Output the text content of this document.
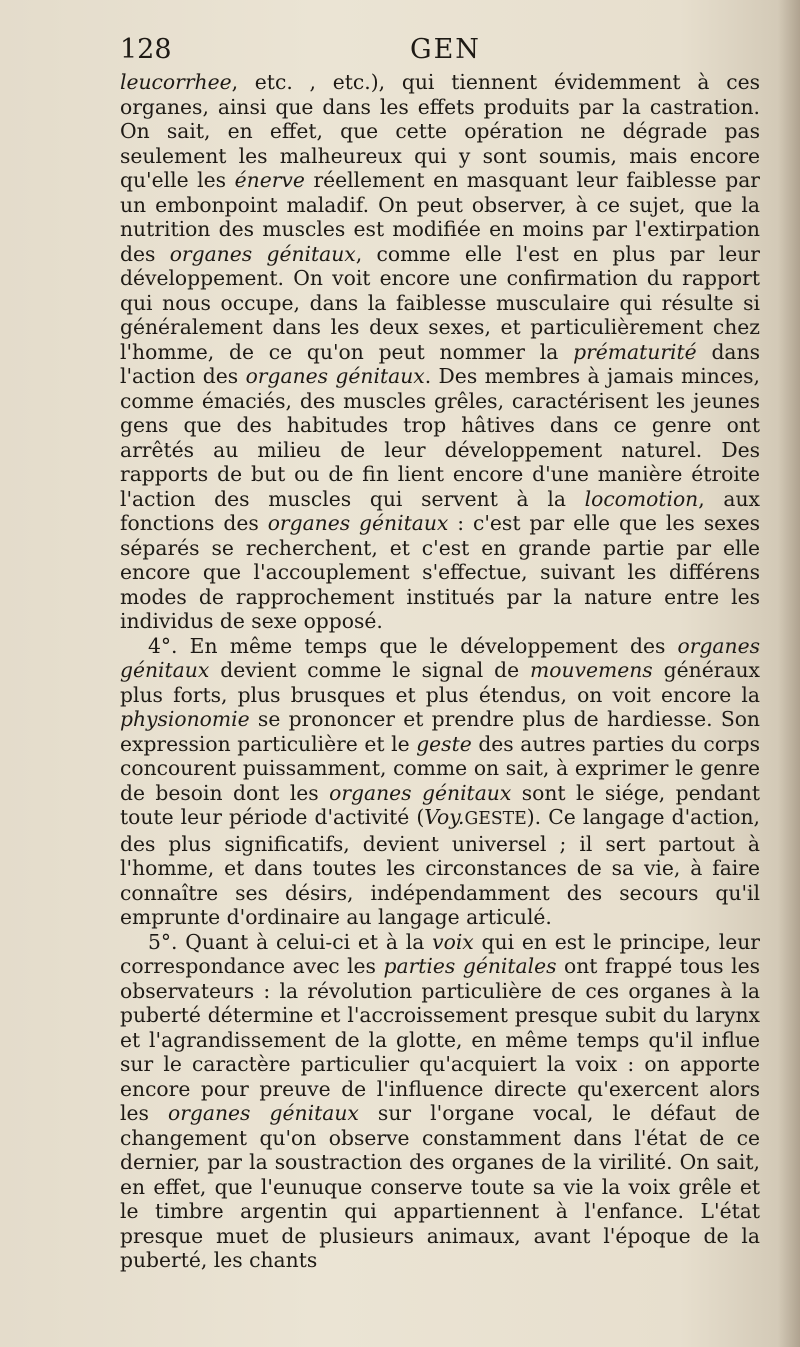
128	GEN

leucorrhee, etc. , etc.), qui tiennent évidemment à ces organes, ainsi que dans les effets produits par la castration. On sait, en effet, que cette opération ne dégrade pas seulement les malheureux qui y sont soumis, mais encore qu'elle les énerve réellement en masquant leur faiblesse par un embonpoint maladif. On peut observer, à ce sujet, que la nutrition des muscles est modifiée en moins par l'extirpation des organes génitaux, comme elle l'est en plus par leur développement. On voit encore une confirmation du rapport qui nous occupe, dans la faiblesse musculaire qui résulte si généralement dans les deux sexes, et particulièrement chez l'homme, de ce qu'on peut nommer la prématurité dans l'action des organes génitaux. Des membres à jamais minces, comme émaciés, des muscles grêles, caractérisent les jeunes gens que des habitudes trop hâtives dans ce genre ont arrêtés au milieu de leur développement naturel. Des rapports de but ou de fin lient encore d'une manière étroite l'action des muscles qui servent à la locomotion, aux fonctions des organes génitaux : c'est par elle que les sexes séparés se recherchent, et c'est en grande partie par elle encore que l'accouplement s'effectue, suivant les différens modes de rapprochement institués par la nature entre les individus de sexe opposé.

4°. En même temps que le développement des organes génitaux devient comme le signal de mouvemens généraux plus forts, plus brusques et plus étendus, on voit encore la physionomie se prononcer et prendre plus de hardiesse. Son expression particulière et le geste des autres parties du corps concourent puissamment, comme on sait, à exprimer le genre de besoin dont les organes génitaux sont le siége, pendant toute leur période d'activité (Voy.GESTE). Ce langage d'action, des plus significatifs, devient universel ; il sert partout à l'homme, et dans toutes les circonstances de sa vie, à faire connaître ses désirs, indépendamment des secours qu'il emprunte d'ordinaire au langage articulé.

5°. Quant à celui-ci et à la voix qui en est le principe, leur correspondance avec les parties génitales ont frappé tous les observateurs : la révolution particulière de ces organes à la puberté détermine et l'accroissement presque subit du larynx et l'agrandissement de la glotte, en même temps qu'il influe sur le caractère particulier qu'acquiert la voix : on apporte encore pour preuve de l'influence directe qu'exercent alors les organes génitaux sur l'organe vocal, le défaut de changement qu'on observe constamment dans l'état de ce dernier, par la soustraction des organes de la virilité. On sait, en effet, que l'eunuque conserve toute sa vie la voix grêle et le timbre argentin qui appartiennent à l'enfance. L'état presque muet de plusieurs animaux, avant l'époque de la puberté, les chants
